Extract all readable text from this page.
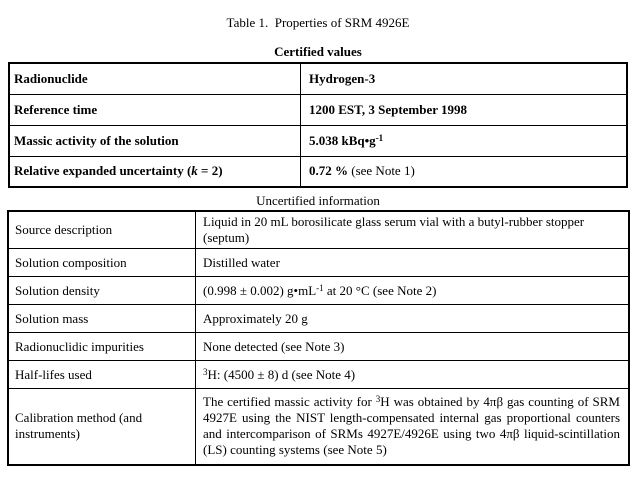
Table 1.  Properties of SRM 4926E
Certified values
Radionuclide	Hydrogen-3
Reference time	1200 EST, 3 September 1998
Massic activity of the solution	5.038 $kBq•g^{-1}$
Relative expanded uncertainty (k = 2)	0.72 % (see Note 1)
Uncertified information
Source description	Liquid in 20 mL borosilicate glass serum vial with a butyl-rubber stopper (septum)
Solution composition	Distilled water
Solution density	(0.998 ± 0.002) $g•mL^{-1}$ at 20 °C (see Note 2)
Solution mass	Approximately 20 g
Radionuclidic impurities	None detected (see Note 3)
Half-lifes used	$^3$H: (4500 ± 8) d (see Note 4)
Calibration method (and instruments)	The certified massic activity for $^3$H was obtained by 4πβ gas counting of SRM 4927E using the NIST length-compensated internal gas proportional counters and intercomparison of SRMs 4927E/4926E using two 4πβ liquid-scintillation (LS) counting systems (see Note 5)
